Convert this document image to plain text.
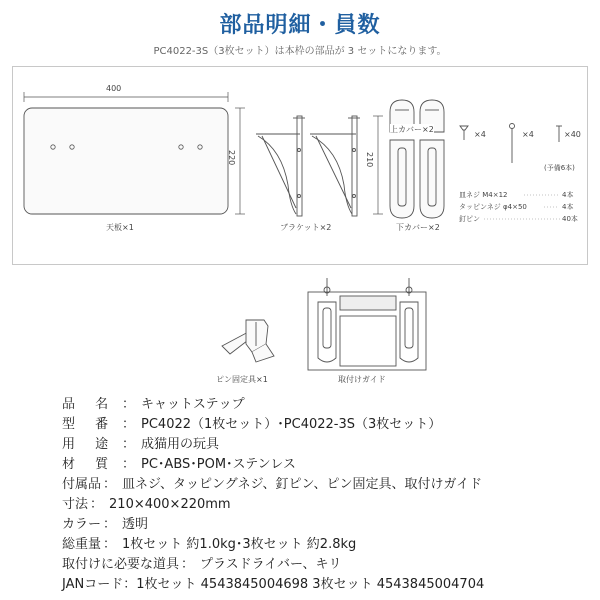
部品明細・員数
PC4022-3S（3枚セット）は本枠の部品が 3 セットになります。
400
220
天板×1
210
ブラケット×2
上カバー×2
下カバー×2
×4	×4	×40
(予備6本)
皿ネジ M4×12	4本
タッピンネジ φ4×50	4本
釘ピン	40本
ピン固定具×1	取付けガイド
品 名 ： キャットステップ
型 番 ： PC4022（1枚セット）･PC4022-3S（3枚セット）
用 途 ： 成猫用の玩具
材 質 ： PC･ABS･POM･ステンレス
付属品 ： 皿ネジ、タッピングネジ、釘ピン、ピン固定具、取付けガイド
寸法 ： 210×400×220mm
カラー ： 透明
総重量 ： 1枚セット 約1.0kg･3枚セット 約2.8kg
取付けに必要な道具 ： プラスドライバー、キリ
JANコード ： 1枚セット 4543845004698 3枚セット 4543845004704
